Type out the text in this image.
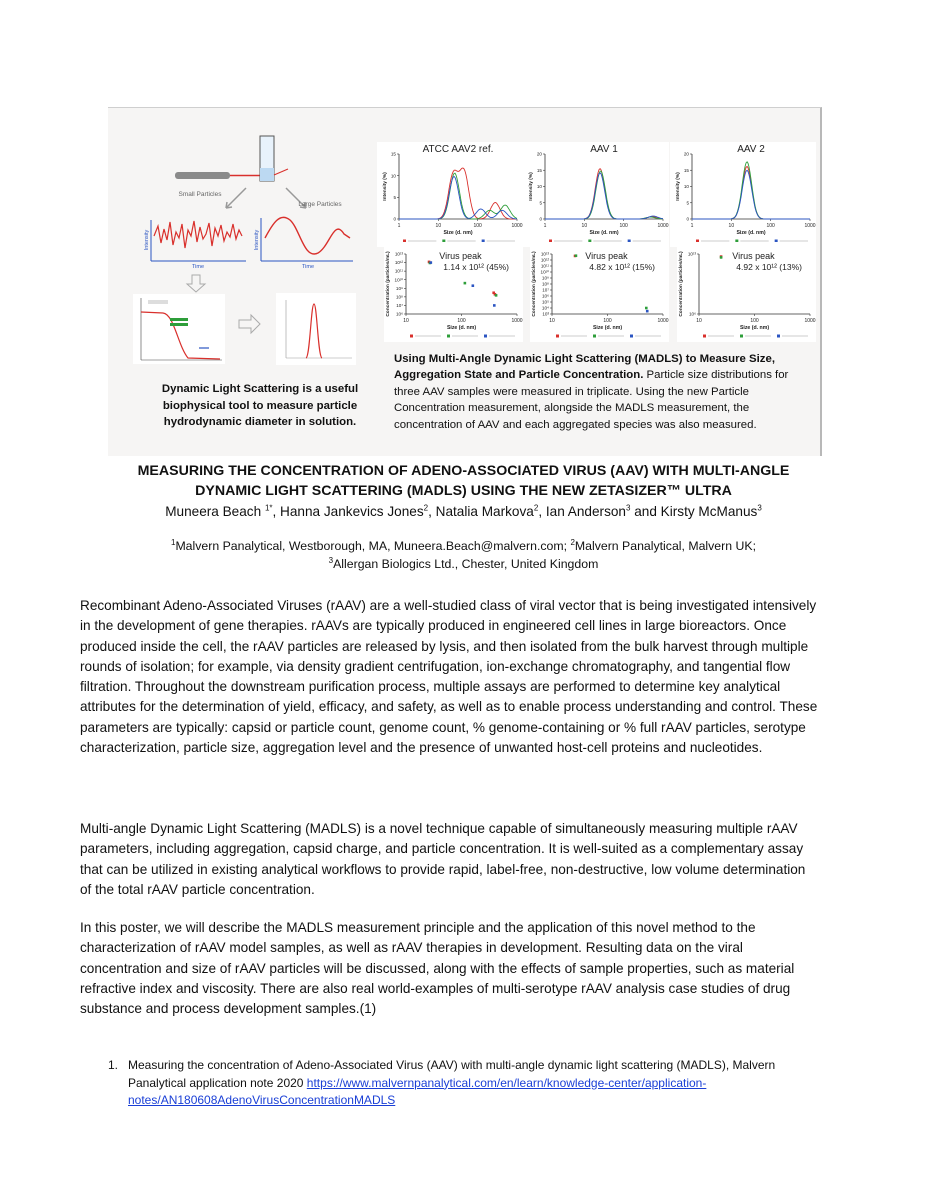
Small Particles
Large Particles
Intensity
Time
Intensity
Time
1	10	100	1000
0
5
10
15
Size (d. nm)
Intensity (%)
ATCC AAV2 ref.
1	10	100	1000
0
5
10
15
20
Size (d. nm)
Intensity (%)
AAV 1
1	10	100	1000
0
5
10
15
20
Size (d. nm)
Intensity (%)
AAV 2
10	100	1000
10⁶
10⁷
10⁸
10⁹
10¹⁰
10¹¹
10¹²
10¹³
Size (d. nm)
Concentration (particles/mL)	Virus peak
1.14 x 10¹² (45%)
10	100	1000
10³
10⁴
10⁵
10⁶
10⁷
10⁸
10⁹
10¹⁰
10¹¹
10¹²
10¹³
Size (d. nm)
Concentration (particles/mL)	Virus peak
4.82 x 10¹² (15%)
10	100	1000
10⁶
10¹³
Size (d. nm)
Concentration (particles/mL)	Virus peak
4.92 x 10¹² (13%)
Dynamic Light Scattering is a useful biophysical tool to measure particle hydrodynamic diameter in solution.
Using Multi-Angle Dynamic Light Scattering (MADLS) to Measure Size, Aggregation State and Particle Concentration. Particle size distributions for three AAV samples were measured in triplicate. Using the new Particle Concentration measurement, alongside the MADLS measurement, the concentration of AAV and each aggregated species was also measured.
MEASURING THE CONCENTRATION OF ADENO-ASSOCIATED VIRUS (AAV) WITH MULTI-ANGLE
DYNAMIC LIGHT SCATTERING (MADLS) USING THE NEW ZETASIZER™ ULTRA
Muneera Beach $^{1*}$, Hanna Jankevics Jones$^2$, Natalia Markova$^2$, Ian Anderson$^3$ and Kirsty McManus$^3$
$^1$Malvern Panalytical, Westborough, MA, Muneera.Beach@malvern.com; $^2$Malvern Panalytical, Malvern UK;
$^3$Allergan Biologics Ltd., Chester, United Kingdom

Recombinant Adeno-Associated Viruses (rAAV) are a well-studied class of viral vector that is being investigated intensively in the development of gene therapies. rAAVs are typically produced in engineered cell lines in large bioreactors. Once produced inside the cell, the rAAV particles are released by lysis, and then isolated from the bulk harvest through multiple rounds of isolation; for example, via density gradient centrifugation, ion-exchange chromatography, and tangential flow filtration. Throughout the downstream purification process, multiple assays are performed to determine key analytical attributes for the determination of yield, efficacy, and safety, as well as to enable process understanding and control. These parameters are typically: capsid or particle count, genome count, % genome-containing or % full rAAV particles, serotype characterization, particle size, aggregation level and the presence of unwanted host-cell proteins and nucleotides.

Multi-angle Dynamic Light Scattering (MADLS) is a novel technique capable of simultaneously measuring multiple rAAV parameters, including aggregation, capsid charge, and particle concentration. It is well-suited as a complementary assay that can be utilized in existing analytical workflows to provide rapid, label-free, non-destructive, low volume determination of the total rAAV particle concentration.

In this poster, we will describe the MADLS measurement principle and the application of this novel method to the characterization of rAAV model samples, as well as rAAV therapies in development. Resulting data on the viral concentration and size of rAAV particles will be discussed, along with the effects of sample properties, such as material refractive index and viscosity. There are also real world-examples of multi-serotype rAAV analysis case studies of drug substance and process development samples.(1)

1. Measuring the concentration of Adeno-Associated Virus (AAV) with multi-angle dynamic light scattering (MADLS), Malvern Panalytical application note 2020 https://www.malvernpanalytical.com/en/learn/knowledge-center/application-notes/AN180608AdenoVirusConcentrationMADLS
